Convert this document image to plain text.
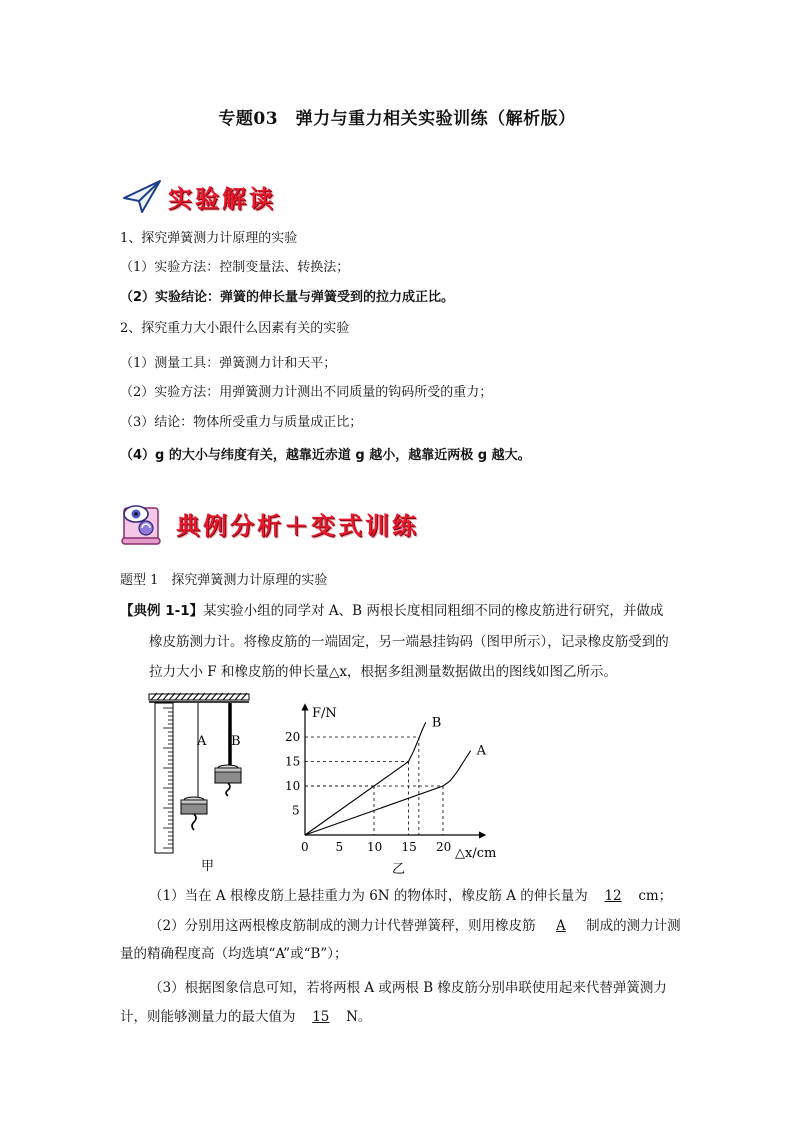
专题03　弹力与重力相关实验训练（解析版）
实验解读
1、探究弹簧测力计原理的实验
（1）实验方法：控制变量法、转换法；
（2）实验结论：弹簧的伸长量与弹簧受到的拉力成正比。
2、探究重力大小跟什么因素有关的实验
（1）测量工具：弹簧测力计和天平；
（2）实验方法：用弹簧测力计测出不同质量的钩码所受的重力；
（3）结论：物体所受重力与质量成正比；
（4）g 的大小与纬度有关，越靠近赤道 g 越小，越靠近两极 g 越大。
典例分析＋变式训练
题型 1　探究弹簧测力计原理的实验
【典例 1-1】某实验小组的同学对 A、B 两根长度相同粗细不同的橡皮筋进行研究，并做成
橡皮筋测力计。将橡皮筋的一端固定，另一端悬挂钩码（图甲所示），记录橡皮筋受到的
拉力大小 F 和橡皮筋的伸长量△x，根据多组测量数据做出的图线如图乙所示。
A B
甲
A
B
0 5 10 15 20
5
10
15
20
F/N
△x/cm
乙
（1）当在 A 根橡皮筋上悬挂重力为 6N 的物体时，橡皮筋 A 的伸长量为 12 cm；
（2）分别用这两根橡皮筋制成的测力计代替弹簧秤，则用橡皮筋 A 制成的测力计测
量的精确程度高（均选填“A”或“B”）；
（3）根据图象信息可知，若将两根 A 或两根 B 橡皮筋分别串联使用起来代替弹簧测力
计，则能够测量力的最大值为 15 N。
